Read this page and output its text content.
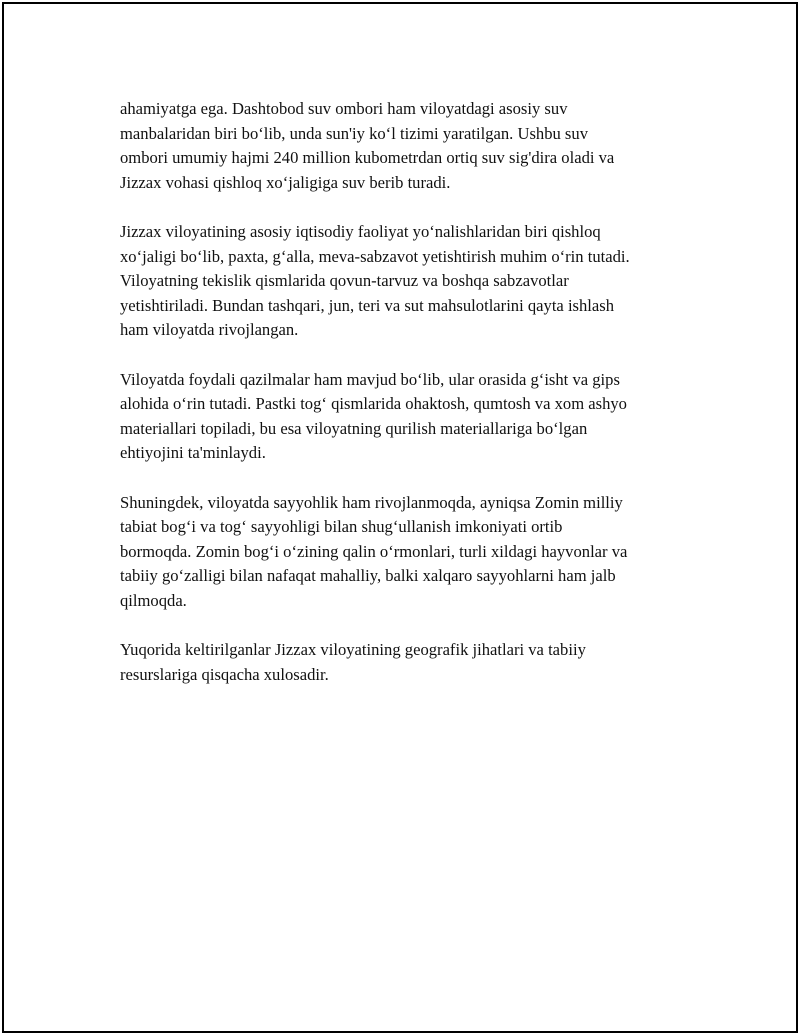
ahamiyatga ega. Dashtobod suv ombori ham viloyatdagi asosiy suv
manbalaridan biri bo‘lib, unda sun'iy ko‘l tizimi yaratilgan. Ushbu suv
ombori umumiy hajmi 240 million kubometrdan ortiq suv sig'dira oladi va
Jizzax vohasi qishloq xo‘jaligiga suv berib turadi.

Jizzax viloyatining asosiy iqtisodiy faoliyat yo‘nalishlaridan biri qishloq
xo‘jaligi bo‘lib, paxta, g‘alla, meva-sabzavot yetishtirish muhim o‘rin tutadi.
Viloyatning tekislik qismlarida qovun-tarvuz va boshqa sabzavotlar
yetishtiriladi. Bundan tashqari, jun, teri va sut mahsulotlarini qayta ishlash
ham viloyatda rivojlangan.

Viloyatda foydali qazilmalar ham mavjud bo‘lib, ular orasida g‘isht va gips
alohida o‘rin tutadi. Pastki tog‘ qismlarida ohaktosh, qumtosh va xom ashyo
materiallari topiladi, bu esa viloyatning qurilish materiallariga bo‘lgan
ehtiyojini ta'minlaydi.

Shuningdek, viloyatda sayyohlik ham rivojlanmoqda, ayniqsa Zomin milliy
tabiat bog‘i va tog‘ sayyohligi bilan shug‘ullanish imkoniyati ortib
bormoqda. Zomin bog‘i o‘zining qalin o‘rmonlari, turli xildagi hayvonlar va
tabiiy go‘zalligi bilan nafaqat mahalliy, balki xalqaro sayyohlarni ham jalb
qilmoqda.

Yuqorida keltirilganlar Jizzax viloyatining geografik jihatlari va tabiiy
resurslariga qisqacha xulosadir.
